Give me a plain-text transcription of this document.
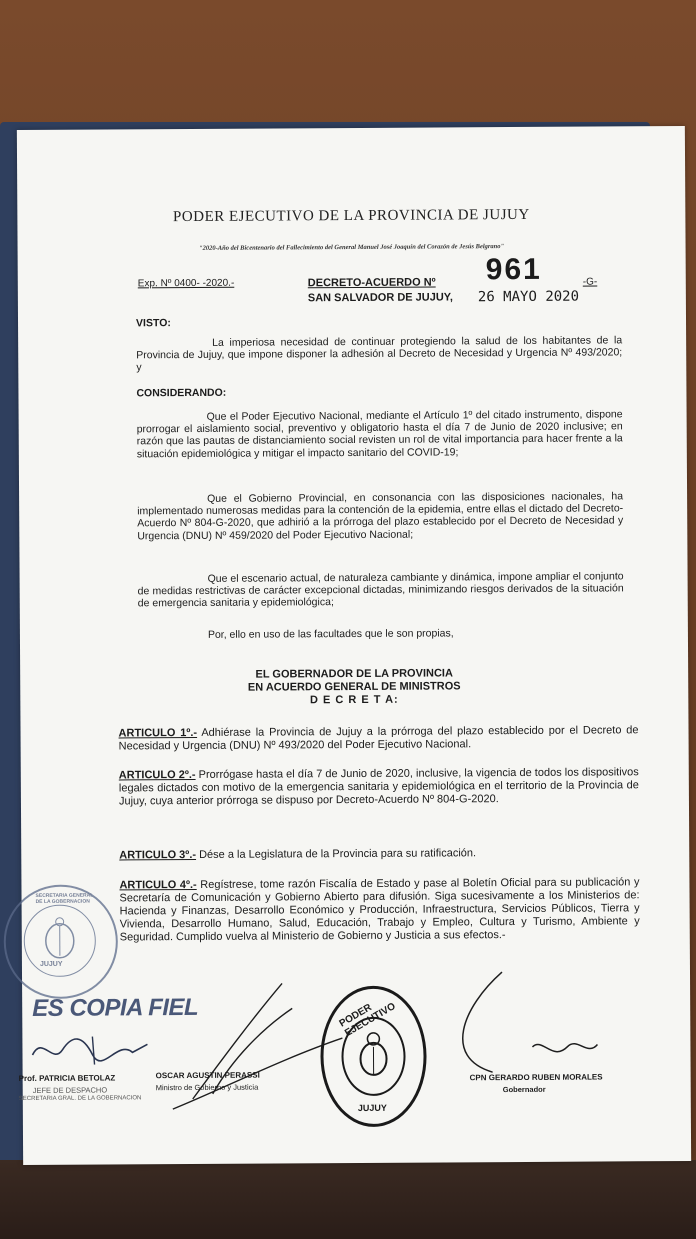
PODER EJECUTIVO DE LA PROVINCIA DE JUJUY
"2020-Año del Bicentenario del Fallecimiento del General Manuel José Joaquín del Corazón de Jesús Belgrano"
Exp. Nº 0400- -2020.-	DECRETO-ACUERDO Nº 961	-G-
SAN SALVADOR DE JUJUY, 26 MAYO 2020
VISTO:
La imperiosa necesidad de continuar protegiendo la salud de los habitantes de la Provincia de Jujuy, que impone disponer la adhesión al Decreto de Necesidad y Urgencia Nº 493/2020; y
CONSIDERANDO:
Que el Poder Ejecutivo Nacional, mediante el Artículo 1º del citado instrumento, dispone prorrogar el aislamiento social, preventivo y obligatorio hasta el día 7 de Junio de 2020 inclusive; en razón que las pautas de distanciamiento social revisten un rol de vital importancia para hacer frente a la situación epidemiológica y mitigar el impacto sanitario del COVID-19;
Que el Gobierno Provincial, en consonancia con las disposiciones nacionales, ha implementado numerosas medidas para la contención de la epidemia, entre ellas el dictado del Decreto-Acuerdo Nº 804-G-2020, que adhirió a la prórroga del plazo establecido por el Decreto de Necesidad y Urgencia (DNU) Nº 459/2020 del Poder Ejecutivo Nacional;
Que el escenario actual, de naturaleza cambiante y dinámica, impone ampliar el conjunto de medidas restrictivas de carácter excepcional dictadas, minimizando riesgos derivados de la situación de emergencia sanitaria y epidemiológica;
Por, ello en uso de las facultades que le son propias,
EL GOBERNADOR DE LA PROVINCIA
EN ACUERDO GENERAL DE MINISTROS
D E C R E T A:
ARTICULO 1º.- Adhiérase la Provincia de Jujuy a la prórroga del plazo establecido por el Decreto de Necesidad y Urgencia (DNU) Nº 493/2020 del Poder Ejecutivo Nacional.
ARTICULO 2º.- Prorrógase hasta el día 7 de Junio de 2020, inclusive, la vigencia de todos los dispositivos legales dictados con motivo de la emergencia sanitaria y epidemiológica en el territorio de la Provincia de Jujuy, cuya anterior prórroga se dispuso por Decreto-Acuerdo Nº 804-G-2020.
ARTICULO 3º.- Dése a la Legislatura de la Provincia para su ratificación.
ARTICULO 4º.- Regístrese, tome razón Fiscalía de Estado y pase al Boletín Oficial para su publicación y Secretaría de Comunicación y Gobierno Abierto para difusión. Siga sucesivamente a los Ministerios de: Hacienda y Finanzas, Desarrollo Económico y Producción, Infraestructura, Servicios Públicos, Tierra y Vivienda, Desarrollo Humano, Salud, Educación, Trabajo y Empleo, Cultura y Turismo, Ambiente y Seguridad. Cumplido vuelva al Ministerio de Gobierno y Justicia a sus efectos.-
SECRETARIA GENERAL DE LA GOBERNACION
JUJUY
ES COPIA FIEL
Prof. PATRICIA BETOLAZ
JEFE DE DESPACHO
SECRETARIA GRAL. DE LA GOBERNACION
OSCAR AGUSTIN PERASSI
Ministro de Gobierno y Justicia
PODER EJECUTIVO
JUJUY
CPN GERARDO RUBEN MORALES
Gobernador
